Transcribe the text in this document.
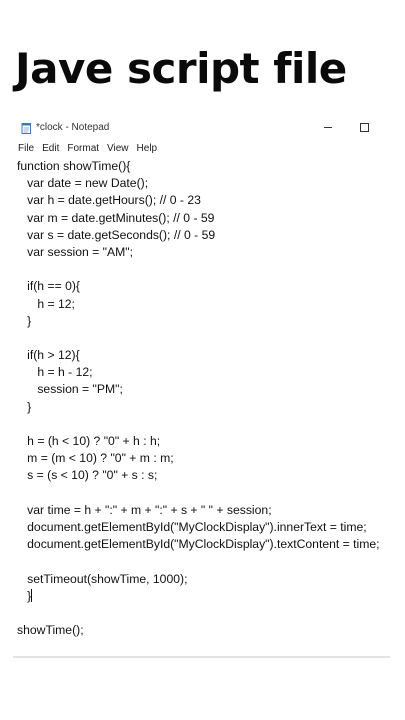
Jave script file
*clock - Notepad
File Edit Format View Help
function showTime(){
var date = new Date();
var h = date.getHours(); // 0 - 23
var m = date.getMinutes(); // 0 - 59
var s = date.getSeconds(); // 0 - 59
var session = "AM";
if(h == 0){
h = 12;
}
if(h > 12){
h = h - 12;
session = "PM";
}
h = (h < 10) ? "0" + h : h;
m = (m < 10) ? "0" + m : m;
s = (s < 10) ? "0" + s : s;
var time = h + ":" + m + ":" + s + " " + session;
document.getElementById("MyClockDisplay").innerText = time;
document.getElementById("MyClockDisplay").textContent = time;
setTimeout(showTime, 1000);
}
showTime();
